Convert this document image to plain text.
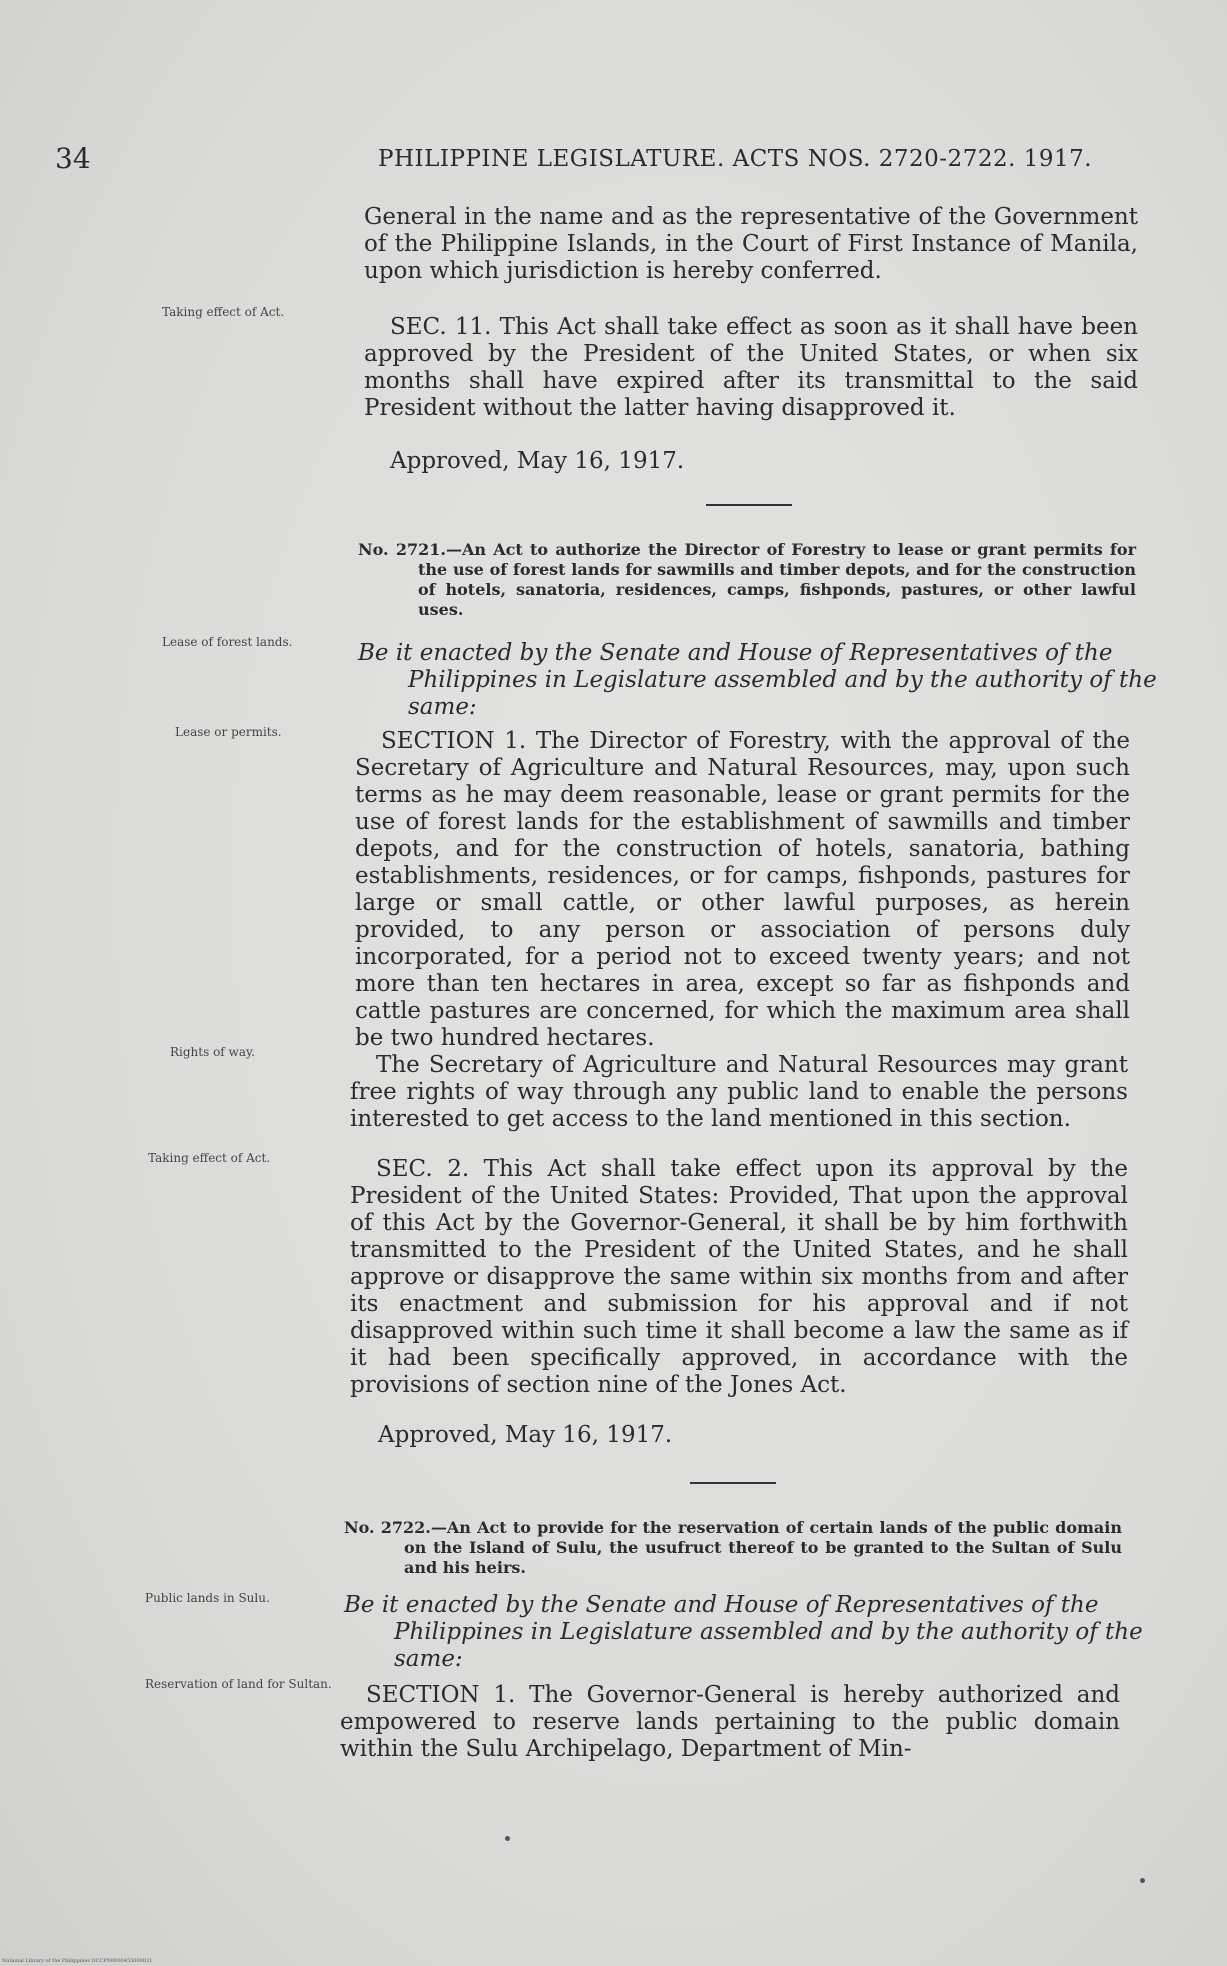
34	PHILIPPINE LEGISLATURE. ACTS NOS. 2720-2722. 1917.

General in the name and as the representative of the Government of the Philippine Islands, in the Court of First Instance of Manila, upon which jurisdiction is hereby conferred.

Taking effect of Act.

SEC. 11. This Act shall take effect as soon as it shall have been approved by the President of the United States, or when six months shall have expired after its transmittal to the said President without the latter having disapproved it.

Approved, May 16, 1917.
No. 2721.—An Act to authorize the Director of Forestry to lease or grant permits for the use of forest lands for sawmills and timber depots, and for the construction of hotels, sanatoria, residences, camps, fishponds, pastures, or other lawful uses.
Lease of forest lands.	Be it enacted by the Senate and House of Representatives of the Philippines in Legislature assembled and by the authority of the same:
Lease or permits.	SECTION 1. The Director of Forestry, with the approval of the Secretary of Agriculture and Natural Resources, may, upon such terms as he may deem reasonable, lease or grant permits for the use of forest lands for the establishment of sawmills and timber depots, and for the construction of hotels, sanatoria, bathing establishments, residences, or for camps, fishponds, pastures for large or small cattle, or other lawful purposes, as herein provided, to any person or association of persons duly incorporated, for a period not to exceed twenty years; and not more than ten hectares in area, except so far as fishponds and cattle pastures are concerned, for which the maximum area shall be two hundred hectares.

Rights of way.	The Secretary of Agriculture and Natural Resources may grant free rights of way through any public land to enable the persons interested to get access to the land mentioned in this section.

Taking effect of Act.	SEC. 2. This Act shall take effect upon its approval by the President of the United States: Provided, That upon the approval of this Act by the Governor-General, it shall be by him forthwith transmitted to the President of the United States, and he shall approve or disapprove the same within six months from and after its enactment and submission for his approval and if not disapproved within such time it shall become a law the same as if it had been specifically approved, in accordance with the provisions of section nine of the Jones Act.

Approved, May 16, 1917.
No. 2722.—An Act to provide for the reservation of certain lands of the public domain on the Island of Sulu, the usufruct thereof to be granted to the Sultan of Sulu and his heirs.
Public lands in Sulu.	Be it enacted by the Senate and House of Representatives of the Philippines in Legislature assembled and by the authority of the same:
Reservation of land for Sultan.	SECTION 1. The Governor-General is hereby authorized and empowered to reserve lands pertaining to the public domain within the Sulu Archipelago, Department of Min-

National Library of the Philippines DCCPN0000455000031
